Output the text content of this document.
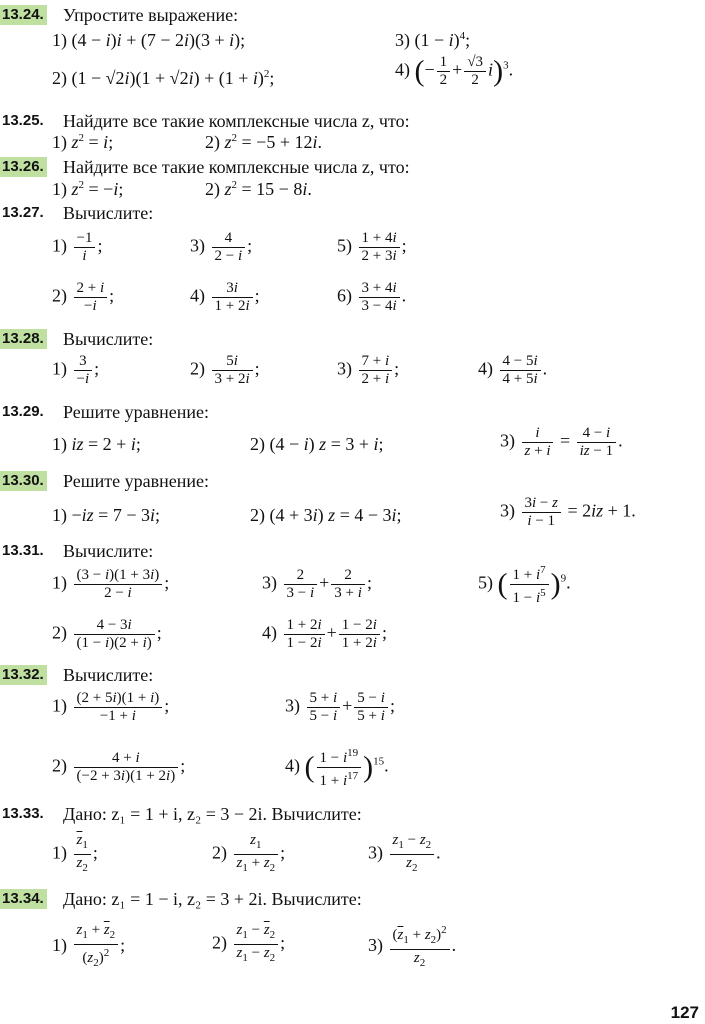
13.24. Упростите выражение:
1) (4 − i)i + (7 − 2i)(3 + i);	3) $(1 - i)^4$;
2) $(1 - √2i)(1 + √2i) + (1 + i)^2$;	4) (− $\frac{1}{2} + \frac{√3}{2} i)^3$.
13.25. Найдите все такие комплексные числа z, что:
1) $z^2 = i$;	2) $z^2 = -5 + 12i$.
13.26. Найдите все такие комплексные числа z, что:
1) $z^2 = -i$;	2) $z^2 = 15 - 8i$.
13.27. Вычислите:
$1) \frac{-1}{i}$ ;	$3) \frac{4}{2 - i}$ ;	$5) \frac{1 + 4i}{2 + 3i}$ ;
$2) \frac{2 + i}{-i}$ ;	$4) \frac{3i}{1 + 2i}$ ;	$6) \frac{3 + 4i}{3 - 4i}$ .
13.28. Вычислите:
$1) \frac{3}{-i}$ ;	$2) \frac{5i}{3 + 2i}$ ;	$3) \frac{7 + i}{2 + i}$ ;	$4) \frac{4 - 5i}{4 + 5i}$ .
13.29. Решите уравнение:
1) iz = 2 + i;	2) (4 − i) z = 3 + i;	$3) \frac{i}{z + i} = \frac{4 - i}{iz - 1}$ .
13.30. Решите уравнение:
1) −iz = 7 − 3i;	2) (4 + 3i) z = 4 − 3i;	$3) \frac{3i - z}{i - 1} = 2iz + 1$.
13.31. Вычислите:
$1) \frac{(3 - i)(1 + 3i)}{2 - i}$ ;	$3) \frac{2}{3 - i} + \frac{2}{3 + i}$ ;	5) ( $\frac{1 + i^7}{1 - i^5} )^9$.
$2) \frac{4 - 3i}{(1 - i)(2 + i)}$ ;	$4) \frac{1 + 2i}{1 - 2i} + \frac{1 - 2i}{1 + 2i}$ ;
13.32. Вычислите:
$1) \frac{(2 + 5i)(1 + i)}{-1 + i}$ ;	$3) \frac{5 + i}{5 - i} + \frac{5 - i}{5 + i}$ ;
$2) \frac{4 + i}{(-2 + 3i)(1 + 2i)}$ ;	4) ( $\frac{1 - i^{19}}{1 + i^{17}} )^{15}$.
13.33. Дано: z₁ = 1 + i, z₂ = 3 − 2i. Вычислите:
$1) \frac{\overline{z}_1}{z_2}$ ;	$2) \frac{z_1}{\overline{z}_1 + z_2}$ ;	$3) \frac{z_1 - z_2}{\overline{z}_2}$ .
13.34. Дано: z₁ = 1 − i, z₂ = 3 + 2i. Вычислите:
$1) \frac{z_1 + \overline{z}_2}{(z_2)^2}$ ;	$2) \frac{z_1 - \overline{z}_2}{\overline{z}_1 - z_2}$ ;	$3) \frac{(\overline{z}_1 + z_2)^2}{z_2}$ .
127
